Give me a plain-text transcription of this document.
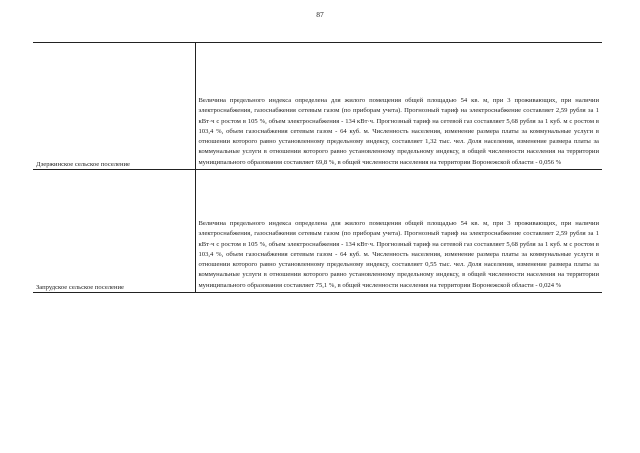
87
Дзержинское сельское поселение	Величина предельного индекса определена для жилого помещения общей площадью 54 кв. м, при 3 проживающих, при наличии электроснабжения, газоснабжения сетевым газом (по приборам учета). Прогнозный тариф на электроснабжение составляет 2,59 рубля за 1 кВт·ч с ростом в 105 %, объем электроснабжения - 134 кВт·ч. Прогнозный тариф на сетевой газ составляет 5,68 рубля за 1 куб. м с ростом в 103,4 %, объем газоснабжения сетевым газом - 64 куб. м. Численность населения, изменение размера платы за коммунальные услуги в отношении которого равно установленному предельному индексу, составляет 1,32 тыс. чел. Доля населения, изменение размера платы за коммунальные услуги в отношении которого равно установленному предельному индексу, в общей численности населения на территории муниципального образования составляет 69,8 %, в общей численности населения на территории Воронежской области - 0,056 %

Запрудское сельское поселение	Величина предельного индекса определена для жилого помещения общей площадью 54 кв. м, при 3 проживающих, при наличии электроснабжения, газоснабжения сетевым газом (по приборам учета). Прогнозный тариф на электроснабжение составляет 2,59 рубля за 1 кВт·ч с ростом в 105 %, объем электроснабжения - 134 кВт·ч. Прогнозный тариф на сетевой газ составляет 5,68 рубля за 1 куб. м с ростом в 103,4 %, объем газоснабжения сетевым газом - 64 куб. м. Численность населения, изменение размера платы за коммунальные услуги в отношении которого равно установленному предельному индексу, составляет 0,55 тыс. чел. Доля населения, изменение размера платы за коммунальные услуги в отношении которого равно установленному предельному индексу, в общей численности населения на территории муниципального образования составляет 75,1 %, в общей численности населения на территории Воронежской области - 0,024 %
